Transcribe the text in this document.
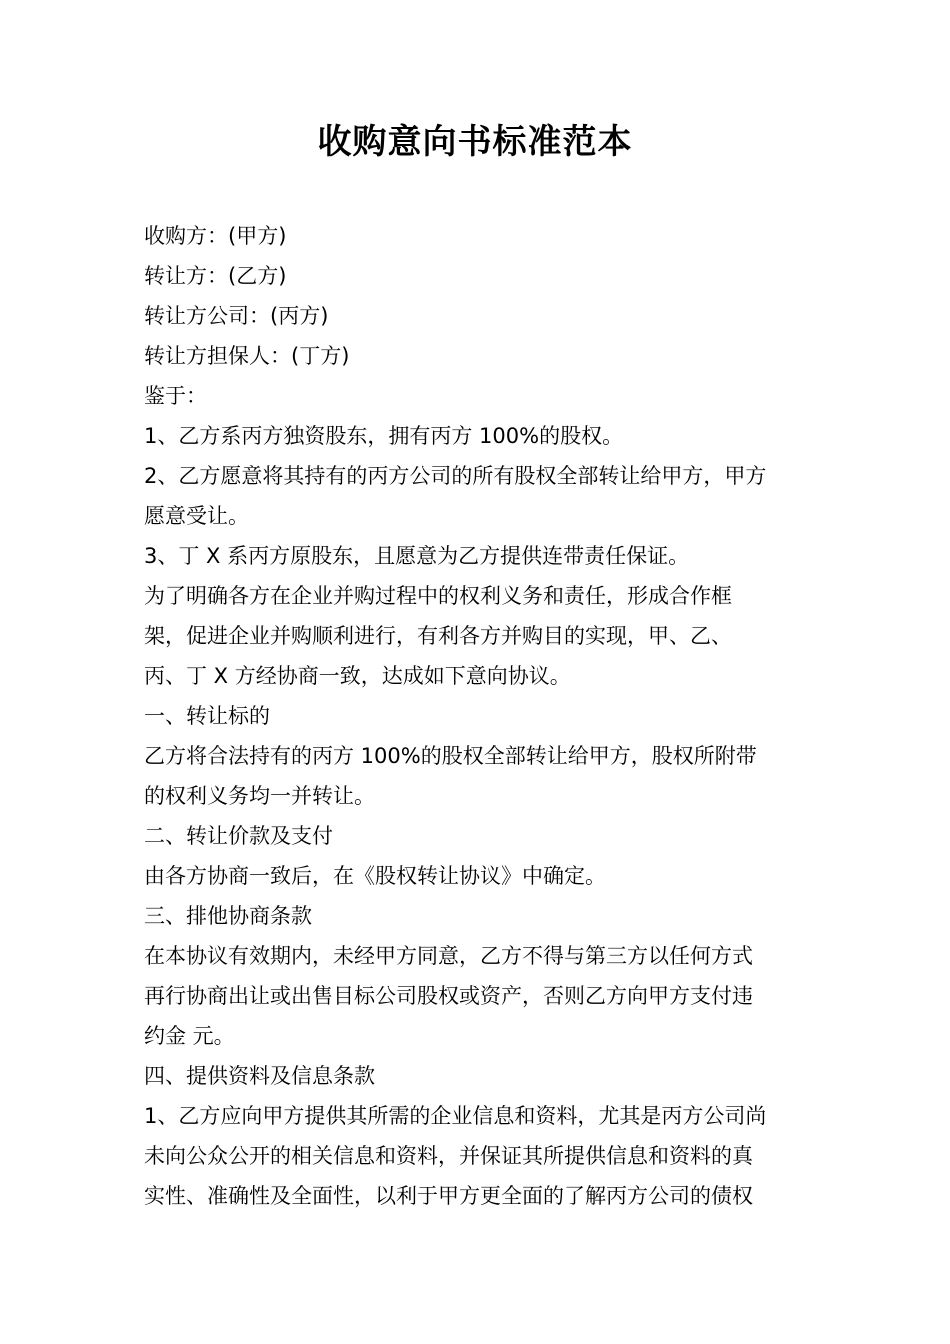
收购意向书标准范本
收购方：(甲方)
转让方：(乙方)
转让方公司：(丙方)
转让方担保人：(丁方)
鉴于：
1、乙方系丙方独资股东，拥有丙方 100%的股权。
2、乙方愿意将其持有的丙方公司的所有股权全部转让给甲方，甲方
愿意受让。
3、丁 X 系丙方原股东，且愿意为乙方提供连带责任保证。
为了明确各方在企业并购过程中的权利义务和责任，形成合作框
架，促进企业并购顺利进行，有利各方并购目的实现，甲、乙、
丙、丁 X 方经协商一致，达成如下意向协议。
一、转让标的
乙方将合法持有的丙方 100%的股权全部转让给甲方，股权所附带
的权利义务均一并转让。
二、转让价款及支付
由各方协商一致后，在《股权转让协议》中确定。
三、排他协商条款
在本协议有效期内，未经甲方同意，乙方不得与第三方以任何方式
再行协商出让或出售目标公司股权或资产，否则乙方向甲方支付违
约金 元。
四、提供资料及信息条款
1、乙方应向甲方提供其所需的企业信息和资料，尤其是丙方公司尚
未向公众公开的相关信息和资料，并保证其所提供信息和资料的真
实性、准确性及全面性，以利于甲方更全面的了解丙方公司的债权
